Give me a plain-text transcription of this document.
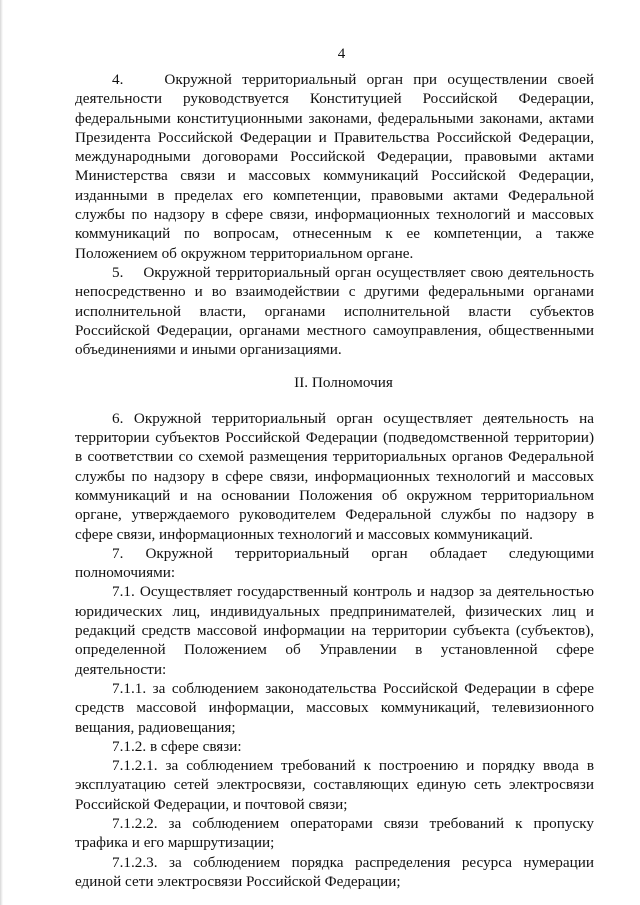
4

4.    Окружной территориальный орган при осуществлении своей деятельности руководствуется Конституцией Российской Федерации, федеральными конституционными законами, федеральными законами, актами Президента Российской Федерации и Правительства Российской Федерации, международными договорами Российской Федерации, правовыми актами Министерства связи и массовых коммуникаций Российской Федерации, изданными в пределах его компетенции, правовыми актами Федеральной службы по надзору в сфере связи, информационных технологий и массовых коммуникаций по вопросам, отнесенным к ее компетенции, а также Положением об окружном территориальном органе.

5.    Окружной территориальный орган осуществляет свою деятельность непосредственно и во взаимодействии с другими федеральными органами исполнительной власти, органами исполнительной власти субъектов Российской Федерации, органами местного самоуправления, общественными объединениями и иными организациями.

II. Полномочия

6. Окружной территориальный орган осуществляет деятельность на территории субъектов Российской Федерации (подведомственной территории) в соответствии со схемой размещения территориальных органов Федеральной службы по надзору в сфере связи, информационных технологий и массовых коммуникаций и на основании Положения об окружном территориальном органе, утверждаемого руководителем Федеральной службы по надзору в сфере связи, информационных технологий и массовых коммуникаций.

7. Окружной территориальный орган обладает следующими полномочиями:

7.1. Осуществляет государственный контроль и надзор за деятельностью юридических лиц, индивидуальных предпринимателей, физических лиц и редакций средств массовой информации на территории субъекта (субъектов), определенной Положением об Управлении в установленной сфере деятельности:

7.1.1. за соблюдением законодательства Российской Федерации в сфере средств массовой информации, массовых коммуникаций, телевизионного вещания, радиовещания;

7.1.2. в сфере связи:

7.1.2.1. за соблюдением требований к построению и порядку ввода в эксплуатацию сетей электросвязи, составляющих единую сеть электросвязи Российской Федерации, и почтовой связи;

7.1.2.2. за соблюдением операторами связи требований к пропуску трафика и его маршрутизации;

7.1.2.3. за соблюдением порядка распределения ресурса нумерации единой сети электросвязи Российской Федерации;
